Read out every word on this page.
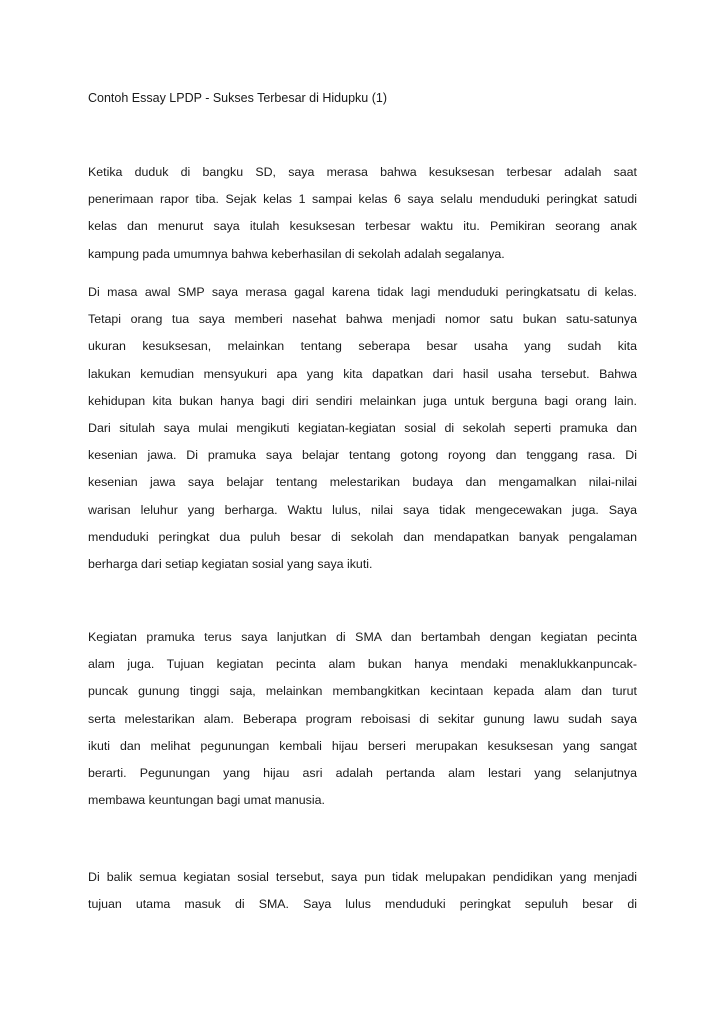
Contoh Essay LPDP - Sukses Terbesar di Hidupku (1)
Ketika duduk di bangku SD, saya merasa bahwa kesuksesan terbesar adalah saat
penerimaan rapor tiba. Sejak kelas 1 sampai kelas 6 saya selalu menduduki peringkat satudi
kelas dan menurut saya itulah kesuksesan terbesar waktu itu. Pemikiran seorang anak
kampung pada umumnya bahwa keberhasilan di sekolah adalah segalanya.
Di masa awal SMP saya merasa gagal karena tidak lagi menduduki peringkatsatu di kelas.
Tetapi orang tua saya memberi nasehat bahwa menjadi nomor satu bukan satu-satunya
ukuran kesuksesan, melainkan tentang seberapa besar usaha yang sudah kita
lakukan kemudian mensyukuri apa yang kita dapatkan dari hasil usaha tersebut. Bahwa
kehidupan kita bukan hanya bagi diri sendiri melainkan juga untuk berguna bagi orang lain.
Dari situlah saya mulai mengikuti kegiatan-kegiatan sosial di sekolah seperti pramuka dan
kesenian jawa. Di pramuka saya belajar tentang gotong royong dan tenggang rasa. Di
kesenian jawa saya belajar tentang melestarikan budaya dan mengamalkan nilai-nilai
warisan leluhur yang berharga. Waktu lulus, nilai saya tidak mengecewakan juga. Saya
menduduki peringkat dua puluh besar di sekolah dan mendapatkan banyak pengalaman
berharga dari setiap kegiatan sosial yang saya ikuti.
Kegiatan pramuka terus saya lanjutkan di SMA dan bertambah dengan kegiatan pecinta
alam juga. Tujuan kegiatan pecinta alam bukan hanya mendaki menaklukkanpuncak-
puncak gunung tinggi saja, melainkan membangkitkan kecintaan kepada alam dan turut
serta melestarikan alam. Beberapa program reboisasi di sekitar gunung lawu sudah saya
ikuti dan melihat pegunungan kembali hijau berseri merupakan kesuksesan yang sangat
berarti. Pegunungan yang hijau asri adalah pertanda alam lestari yang selanjutnya
membawa keuntungan bagi umat manusia.
Di balik semua kegiatan sosial tersebut, saya pun tidak melupakan pendidikan yang menjadi
tujuan utama masuk di SMA. Saya lulus menduduki peringkat sepuluh besar di
